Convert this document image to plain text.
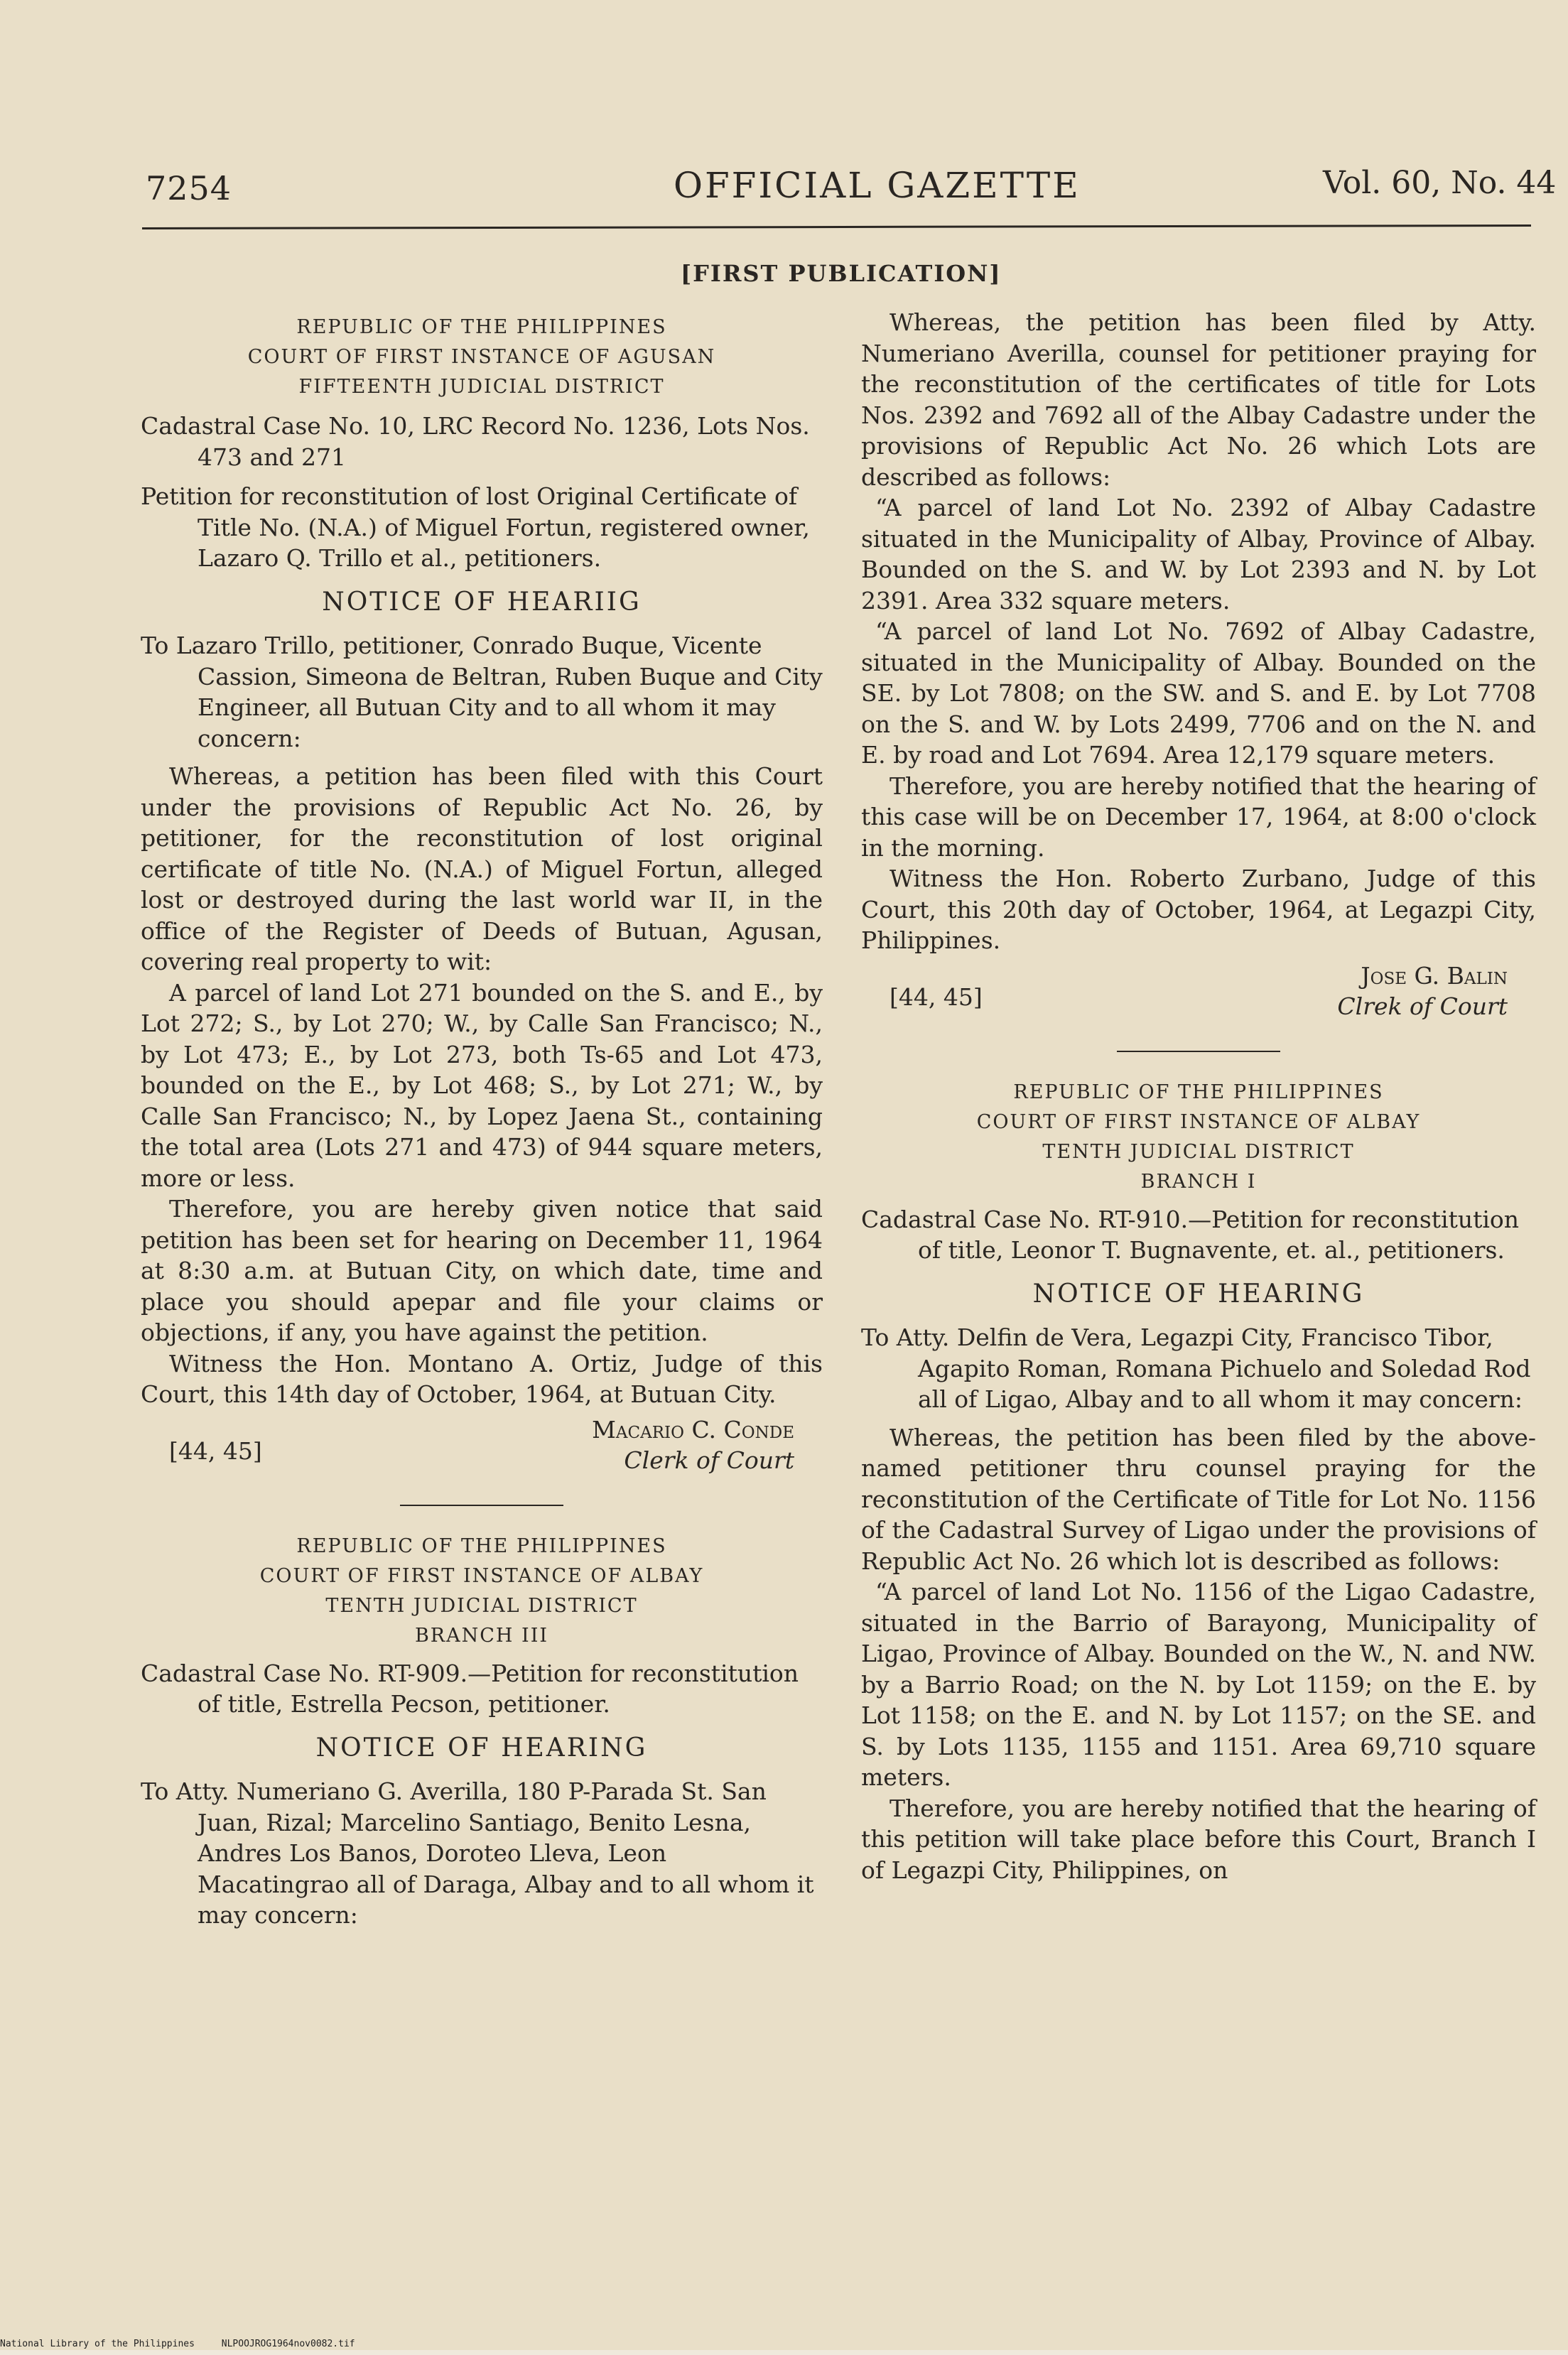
7254	OFFICIAL GAZETTE	Vol. 60, No. 44
[FIRST PUBLICATION]
REPUBLIC OF THE PHILIPPINES
COURT OF FIRST INSTANCE OF AGUSAN
FIFTEENTH JUDICIAL DISTRICT
Cadastral Case No. 10, LRC Record No. 1236, Lots Nos. 473 and 271
Petition for reconstitution of lost Original Certificate of Title No. (N.A.) of Miguel Fortun, registered owner, Lazaro Q. Trillo et al., petitioners.
NOTICE OF HEARIIG
To Lazaro Trillo, petitioner, Conrado Buque, Vicente Cassion, Simeona de Beltran, Ruben Buque and City Engineer, all Butuan City and to all whom it may concern:

Whereas, a petition has been filed with this Court under the provisions of Republic Act No. 26, by petitioner, for the reconstitution of lost original certificate of title No. (N.A.) of Miguel Fortun, alleged lost or destroyed during the last world war II, in the office of the Register of Deeds of Butuan, Agusan, covering real property to wit:

A parcel of land Lot 271 bounded on the S. and E., by Lot 272; S., by Lot 270; W., by Calle San Francisco; N., by Lot 473; E., by Lot 273, both Ts-65 and Lot 473, bounded on the E., by Lot 468; S., by Lot 271; W., by Calle San Francisco; N., by Lopez Jaena St., containing the total area (Lots 271 and 473) of 944 square meters, more or less.

Therefore, you are hereby given notice that said petition has been set for hearing on December 11, 1964 at 8:30 a.m. at Butuan City, on which date, time and place you should apepar and file your claims or objections, if any, you have against the petition.

Witness the Hon. Montano A. Ortiz, Judge of this Court, this 14th day of October, 1964, at Butuan City.

[44, 45]
Macario C. Conde
Clerk of Court
REPUBLIC OF THE PHILIPPINES
COURT OF FIRST INSTANCE OF ALBAY
TENTH JUDICIAL DISTRICT
BRANCH III
Cadastral Case No. RT-909.—Petition for reconstitution of title, Estrella Pecson, petitioner.
NOTICE OF HEARING
To Atty. Numeriano G. Averilla, 180 P-Parada St. San Juan, Rizal; Marcelino Santiago, Benito Lesna, Andres Los Banos, Doroteo Lleva, Leon Macatingrao all of Daraga, Albay and to all whom it may concern:

Whereas, the petition has been filed by Atty. Numeriano Averilla, counsel for petitioner praying for the reconstitution of the certificates of title for Lots Nos. 2392 and 7692 all of the Albay Cadastre under the provisions of Republic Act No. 26 which Lots are described as follows:

“A parcel of land Lot No. 2392 of Albay Cadastre situated in the Municipality of Albay, Province of Albay. Bounded on the S. and W. by Lot 2393 and N. by Lot 2391. Area 332 square meters.

“A parcel of land Lot No. 7692 of Albay Cadastre, situated in the Municipality of Albay. Bounded on the SE. by Lot 7808; on the SW. and S. and E. by Lot 7708 on the S. and W. by Lots 2499, 7706 and on the N. and E. by road and Lot 7694. Area 12,179 square meters.

Therefore, you are hereby notified that the hearing of this case will be on December 17, 1964, at 8:00 o'clock in the morning.

Witness the Hon. Roberto Zurbano, Judge of this Court, this 20th day of October, 1964, at Legazpi City, Philippines.

[44, 45]
Jose G. Balin
Clrek of Court
REPUBLIC OF THE PHILIPPINES
COURT OF FIRST INSTANCE OF ALBAY
TENTH JUDICIAL DISTRICT
BRANCH I
Cadastral Case No. RT-910.—Petition for reconstitution of title, Leonor T. Bugnavente, et. al., petitioners.
NOTICE OF HEARING
To Atty. Delfin de Vera, Legazpi City, Francisco Tibor, Agapito Roman, Romana Pichuelo and Soledad Rod all of Ligao, Albay and to all whom it may concern:

Whereas, the petition has been filed by the above-named petitioner thru counsel praying for the reconstitution of the Certificate of Title for Lot No. 1156 of the Cadastral Survey of Ligao under the provisions of Republic Act No. 26 which lot is described as follows:

“A parcel of land Lot No. 1156 of the Ligao Cadastre, situated in the Barrio of Barayong, Municipality of Ligao, Province of Albay. Bounded on the W., N. and NW. by a Barrio Road; on the N. by Lot 1159; on the E. by Lot 1158; on the E. and N. by Lot 1157; on the SE. and S. by Lots 1135, 1155 and 1151. Area 69,710 square meters.

Therefore, you are hereby notified that the hearing of this petition will take place before this Court, Branch I of Legazpi City, Philippines, on

National Library of the Philippines	NLPOOJROG1964nov0082.tif
